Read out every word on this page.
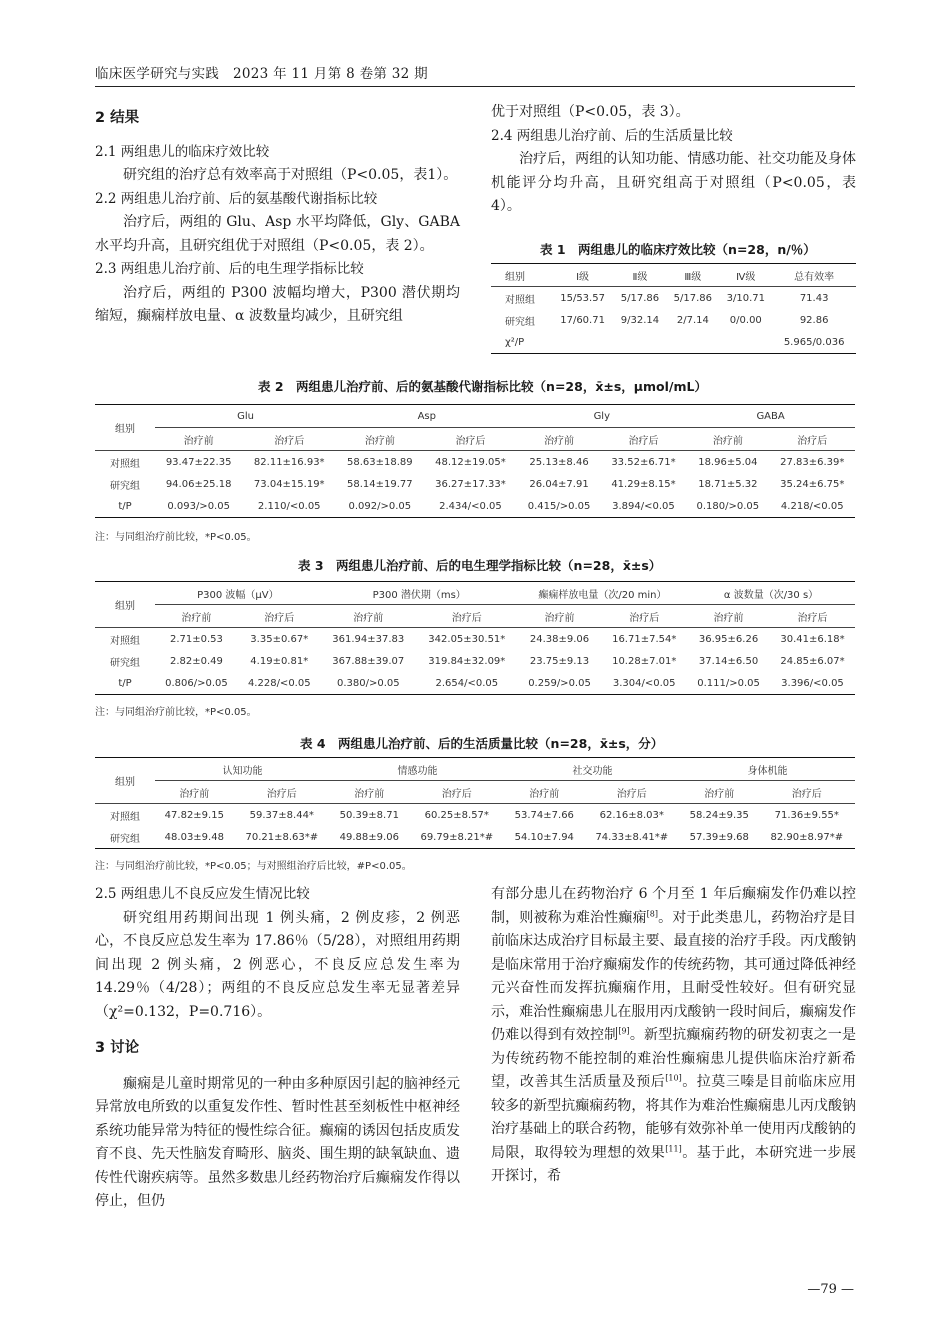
临床医学研究与实践 2023 年 11 月第 8 卷第 32 期

2 结果

2.1 两组患儿的临床疗效比较

研究组的治疗总有效率高于对照组（P<0.05，表1）。

2.2 两组患儿治疗前、后的氨基酸代谢指标比较

治疗后，两组的 Glu、Asp 水平均降低，Gly、GABA 水平均升高，且研究组优于对照组（P<0.05，表 2）。

2.3 两组患儿治疗前、后的电生理学指标比较

治疗后，两组的 P300 波幅均增大，P300 潜伏期均缩短，癫痫样放电量、α 波数量均减少，且研究组

优于对照组（P<0.05，表 3）。

2.4 两组患儿治疗前、后的生活质量比较

治疗后，两组的认知功能、情感功能、社交功能及身体机能评分均升高，且研究组高于对照组（P<0.05，表 4）。

表 1　两组患儿的临床疗效比较（n=28，n/％）
组别	Ⅰ级	Ⅱ级	Ⅲ级	Ⅳ级	总有效率
对照组	15/53.57	5/17.86	5/17.86	3/10.71	71.43
研究组	17/60.71	9/32.14	2/7.14	0/0.00	92.86
χ²/P					5.965/0.036
表 2　两组患儿治疗前、后的氨基酸代谢指标比较（n=28，x̄±s，μmol/mL）
组别	Glu		Asp		Gly		GABA	
	治疗前	治疗后	治疗前	治疗后	治疗前	治疗后	治疗前	治疗后
对照组	93.47±22.35	82.11±16.93*	58.63±18.89	48.12±19.05*	25.13±8.46	33.52±6.71*	18.96±5.04	27.83±6.39*
研究组	94.06±25.18	73.04±15.19*	58.14±19.77	36.27±17.33*	26.04±7.91	41.29±8.15*	18.71±5.32	35.24±6.75*
t/P	0.093/>0.05	2.110/<0.05	0.092/>0.05	2.434/<0.05	0.415/>0.05	3.894/<0.05	0.180/>0.05	4.218/<0.05
注：与同组治疗前比较，*P<0.05。
表 3　两组患儿治疗前、后的电生理学指标比较（n=28，x̄±s）
组别	P300 波幅（μV）		P300 潜伏期（ms）		癫痫样放电量（次/20 min）		α 波数量（次/30 s）	
	治疗前	治疗后	治疗前	治疗后	治疗前	治疗后	治疗前	治疗后
对照组	2.71±0.53	3.35±0.67*	361.94±37.83	342.05±30.51*	24.38±9.06	16.71±7.54*	36.95±6.26	30.41±6.18*
研究组	2.82±0.49	4.19±0.81*	367.88±39.07	319.84±32.09*	23.75±9.13	10.28±7.01*	37.14±6.50	24.85±6.07*
t/P	0.806/>0.05	4.228/<0.05	0.380/>0.05	2.654/<0.05	0.259/>0.05	3.304/<0.05	0.111/>0.05	3.396/<0.05
注：与同组治疗前比较，*P<0.05。
表 4　两组患儿治疗前、后的生活质量比较（n=28，x̄±s，分）
组别	认知功能		情感功能		社交功能		身体机能	
	治疗前	治疗后	治疗前	治疗后	治疗前	治疗后	治疗前	治疗后
对照组	47.82±9.15	59.37±8.44*	50.39±8.71	60.25±8.57*	53.74±7.66	62.16±8.03*	58.24±9.35	71.36±9.55*
研究组	48.03±9.48	70.21±8.63*#	49.88±9.06	69.79±8.21*#	54.10±7.94	74.33±8.41*#	57.39±9.68	82.90±8.97*#
注：与同组治疗前比较，*P<0.05；与对照组治疗后比较，#P<0.05。

2.5 两组患儿不良反应发生情况比较

研究组用药期间出现 1 例头痛，2 例皮疹，2 例恶心，不良反应总发生率为 17.86％（5/28），对照组用药期间出现 2 例头痛，2 例恶心，不良反应总发生率为 14.29％（4/28）；两组的不良反应总发生率无显著差异（χ²=0.132，P=0.716）。

3 讨论

癫痫是儿童时期常见的一种由多种原因引起的脑神经元异常放电所致的以重复发作性、暂时性甚至刻板性中枢神经系统功能异常为特征的慢性综合征。癫痫的诱因包括皮质发育不良、先天性脑发育畸形、脑炎、围生期的缺氧缺血、遗传性代谢疾病等。虽然多数患儿经药物治疗后癫痫发作得以停止，但仍

有部分患儿在药物治疗 6 个月至 1 年后癫痫发作仍难以控制，则被称为难治性癫痫[8]。对于此类患儿，药物治疗是目前临床达成治疗目标最主要、最直接的治疗手段。丙戊酸钠是临床常用于治疗癫痫发作的传统药物，其可通过降低神经元兴奋性而发挥抗癫痫作用，且耐受性较好。但有研究显示，难治性癫痫患儿在服用丙戊酸钠一段时间后，癫痫发作仍难以得到有效控制[9]。新型抗癫痫药物的研发初衷之一是为传统药物不能控制的难治性癫痫患儿提供临床治疗新希望，改善其生活质量及预后[10]。拉莫三嗪是目前临床应用较多的新型抗癫痫药物，将其作为难治性癫痫患儿丙戊酸钠治疗基础上的联合药物，能够有效弥补单一使用丙戊酸钠的局限，取得较为理想的效果[11]。基于此，本研究进一步展开探讨，希

—79 —
